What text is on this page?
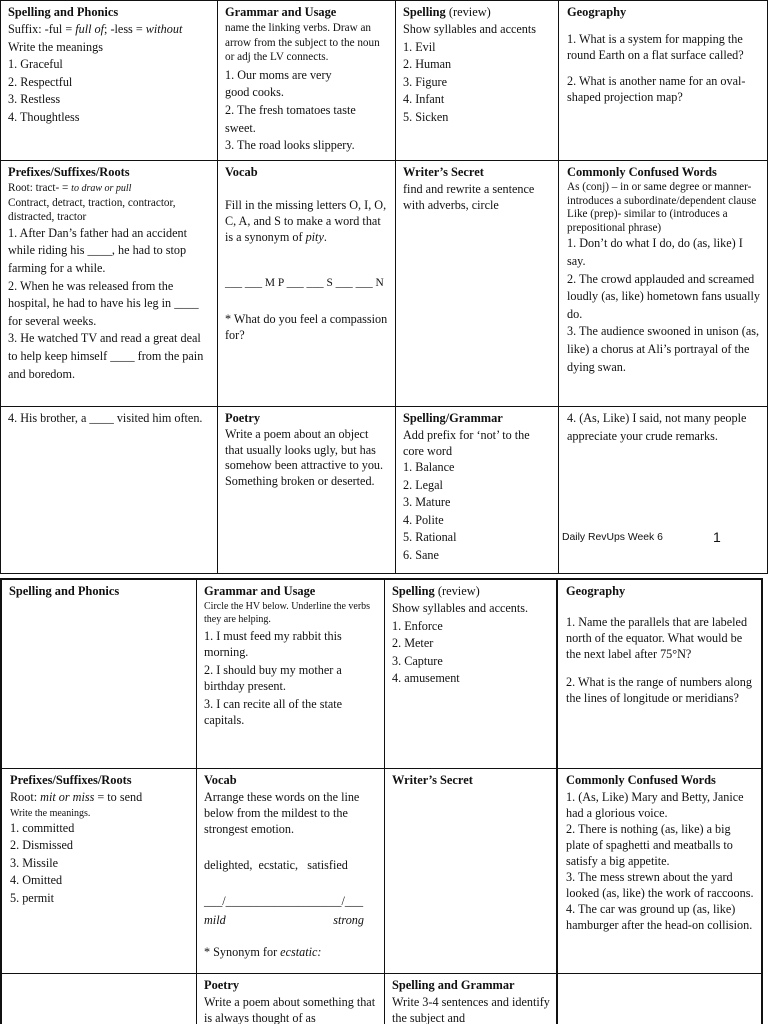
Spelling and Phonics
Suffix: -ful = full of; -less = without
Write the meanings
1. Graceful
2. Respectful
3. Restless
4. Thoughtless
Grammar and Usage
name the linking verbs. Draw an arrow from the subject to the noun or adj the LV connects.
1. Our moms are very
good cooks.
2. The fresh tomatoes taste
sweet.
3. The road looks slippery.
Spelling (review)
Show syllables and accents
1. Evil
2. Human
3. Figure
4. Infant
5. Sicken
Geography
1. What is a system for mapping the round Earth on a flat surface called?
2. What is another name for an oval-shaped projection map?
Prefixes/Suffixes/Roots
Root: tract- = to draw or pull
Contract, detract, traction, contractor, distracted, tractor
1. After Dan’s father had an accident while riding his ____, he had to stop farming for a while.
2. When he was released from the hospital, he had to have his leg in ____ for several weeks.
3. He watched TV and read a great deal to help keep himself ____ from the pain and boredom.
Vocab
Fill in the missing letters O, I, O, C, A, and S to make a word that is a synonym of pity.
___ ___ M P ___ ___ S ___ ___ N
* What do you feel a compassion for?
Writer’s Secret
find and rewrite a sentence with adverbs, circle
Commonly Confused Words
As (conj) – in or same degree or manner- introduces a subordinate/dependent clause
Like (prep)- similar to (introduces a prepositional phrase)
1. Don’t do what I do, do (as, like) I say.
2. The crowd applauded and screamed loudly (as, like) hometown fans usually do.
3. The audience swooned in unison (as, like) a chorus at Ali’s portrayal of the dying swan.
4. His brother, a ____ visited him often.	Poetry
Write a poem about an object that usually looks ugly, but has somehow been attractive to you. Something broken or deserted.
Spelling/Grammar
Add prefix for ‘not’ to the core word
1. Balance
2. Legal
3. Mature
4. Polite
5. Rational
6. Sane
4. (As, Like) I said, not many people appreciate your crude remarks.
Daily RevUps Week 6	1
Spelling and Phonics	Grammar and Usage
Circle the HV below. Underline the verbs they are helping.
1. I must feed my rabbit this morning.
2. I should buy my mother a birthday present.
3. I can recite all of the state capitals.
Spelling (review)
Show syllables and accents.
1. Enforce
2. Meter
3. Capture
4. amusement
Geography
1. Name the parallels that are labeled north of the equator. What would be the next label after 75°N?
2. What is the range of numbers along the lines of longitude or meridians?
Prefixes/Suffixes/Roots
Root: mit or miss = to send
Write the meanings.
1. committed
2. Dismissed
3. Missile
4. Omitted
5. permit
Vocab
Arrange these words on the line below from the mildest to the strongest emotion.
delighted,  ecstatic,   satisfied
___/___________________/___
mild	strong
* Synonym for ecstatic:
Writer’s Secret	Commonly Confused Words
1. (As, Like) Mary and Betty, Janice had a glorious voice.
2. There is nothing (as, like) a big plate of spaghetti and meatballs to satisfy a big appetite.
3. The mess strewn about the yard looked (as, like) the work of raccoons.
4. The car was ground up (as, like) hamburger after the head-on collision.
Poetry
Write a poem about something that is always thought of as
Spelling and Grammar
Write 3-4 sentences and identify the subject and
